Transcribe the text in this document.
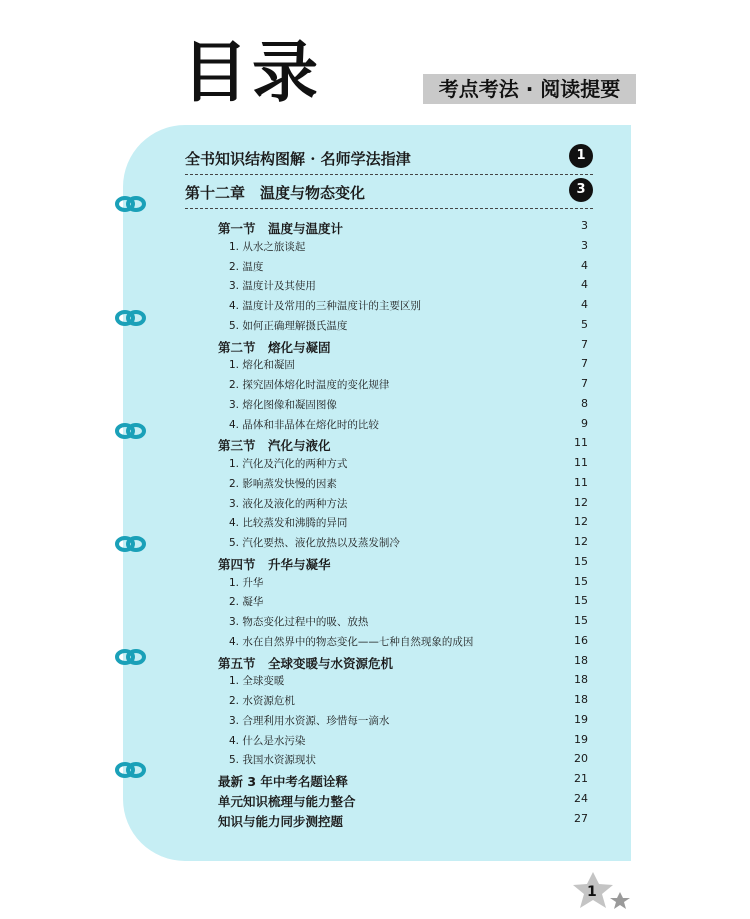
目录	考点考法 · 阅读提要
全书知识结构图解 · 名师学法指津	1
第十二章　温度与物态变化	3
第一节　温度与温度计	3
1. 从水之旅谈起	3
2. 温度	4
3. 温度计及其使用	4
4. 温度计及常用的三种温度计的主要区别	4
5. 如何正确理解摄氏温度	5
第二节　熔化与凝固	7
1. 熔化和凝固	7
2. 探究固体熔化时温度的变化规律	7
3. 熔化图像和凝固图像	8
4. 晶体和非晶体在熔化时的比较	9
第三节　汽化与液化	11
1. 汽化及汽化的两种方式	11
2. 影响蒸发快慢的因素	11
3. 液化及液化的两种方法	12
4. 比较蒸发和沸腾的异同	12
5. 汽化要热、液化放热以及蒸发制冷	12
第四节　升华与凝华	15
1. 升华	15
2. 凝华	15
3. 物态变化过程中的吸、放热	15
4. 水在自然界中的物态变化——七种自然现象的成因	16
第五节　全球变暖与水资源危机	18
1. 全球变暖	18
2. 水资源危机	18
3. 合理利用水资源、珍惜每一滴水	19
4. 什么是水污染	19
5. 我国水资源现状	20
最新 3 年中考名题诠释	21
单元知识梳理与能力整合	24
知识与能力同步测控题	27
1
